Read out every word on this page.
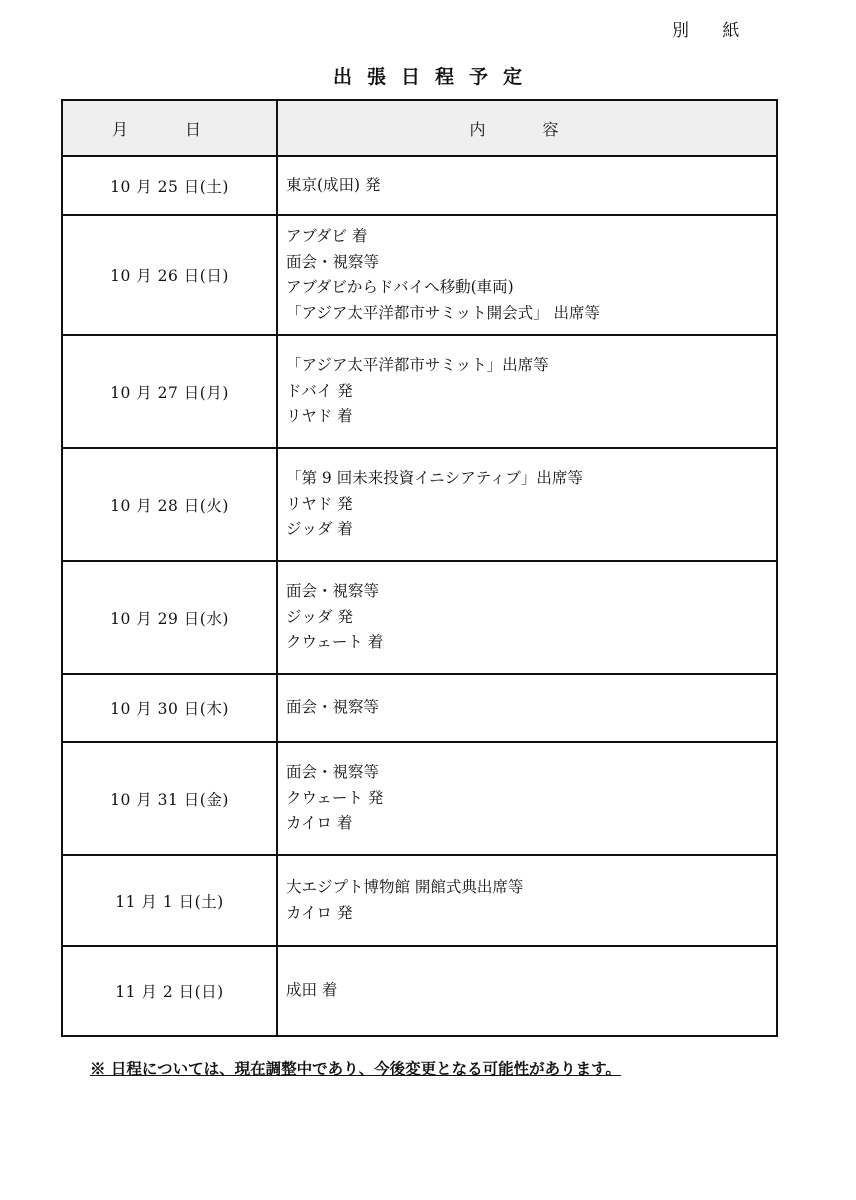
別 紙
出張日程予定
月 日	内 容
10 月 25 日(土)	東京(成田) 発

10 月 26 日(日)	アブダビ 着
面会・視察等
アブダビからドバイへ移動(車両)
「アジア太平洋都市サミット開会式」 出席等

10 月 27 日(月)	「アジア太平洋都市サミット」出席等
ドバイ 発
リヤド 着

10 月 28 日(火)	「第 9 回未来投資イニシアティブ」出席等
リヤド 発
ジッダ 着

10 月 29 日(水)	面会・視察等
ジッダ 発
クウェート 着

10 月 30 日(木)	面会・視察等

10 月 31 日(金)	面会・視察等
クウェート 発
カイロ 着

11 月 1 日(土)	大エジプト博物館 開館式典出席等
カイロ 発

11 月 2 日(日)	成田 着
※ 日程については、現在調整中であり、今後変更となる可能性があります。
